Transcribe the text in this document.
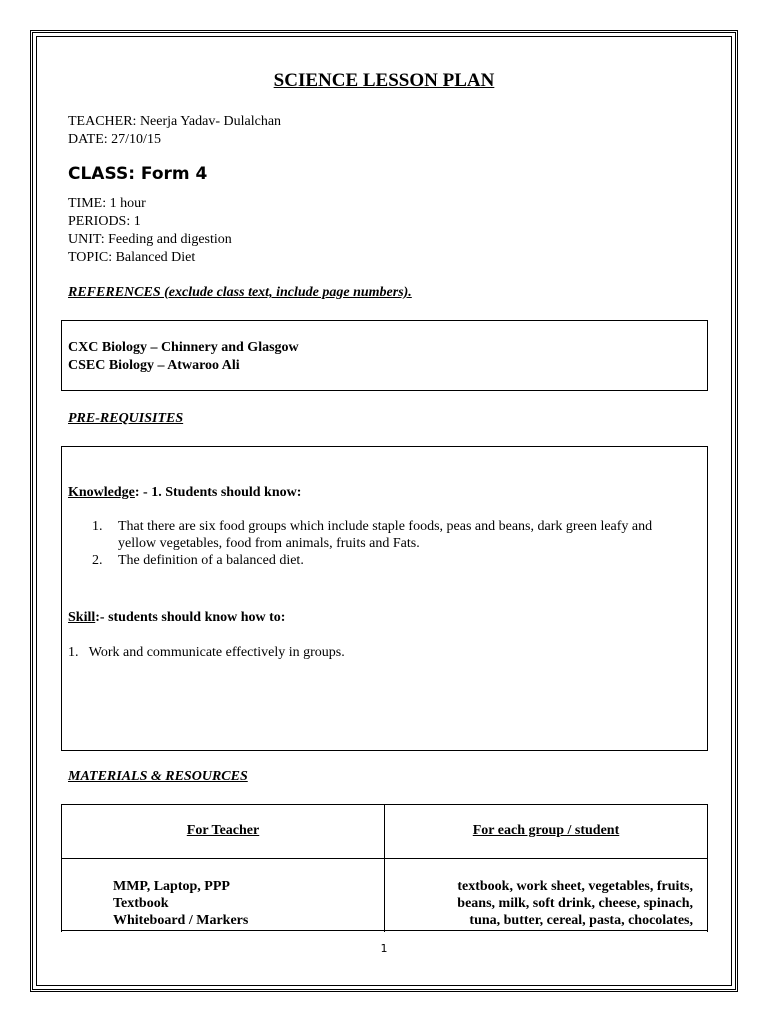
SCIENCE LESSON PLAN
TEACHER: Neerja Yadav- Dulalchan
DATE: 27/10/15
CLASS: Form 4
TIME: 1 hour
PERIODS: 1
UNIT: Feeding and digestion
TOPIC: Balanced Diet
REFERENCES (exclude class text, include page numbers).
CXC Biology – Chinnery and Glasgow
CSEC Biology – Atwaroo Ali
PRE-REQUISITES
Knowledge: - 1. Students should know:
1. That there are six food groups which include staple foods, peas and beans, dark green leafy and
yellow vegetables, food from animals, fruits and Fats.
2. The definition of a balanced diet.
Skill:- students should know how to:
1.   Work and communicate effectively in groups.
MATERIALS & RESOURCES
For Teacher	For each group / student
MMP, Laptop, PPP
Textbook
Whiteboard / Markers
textbook, work sheet, vegetables, fruits,
beans, milk, soft drink, cheese, spinach,
tuna, butter, cereal, pasta, chocolates,
1
